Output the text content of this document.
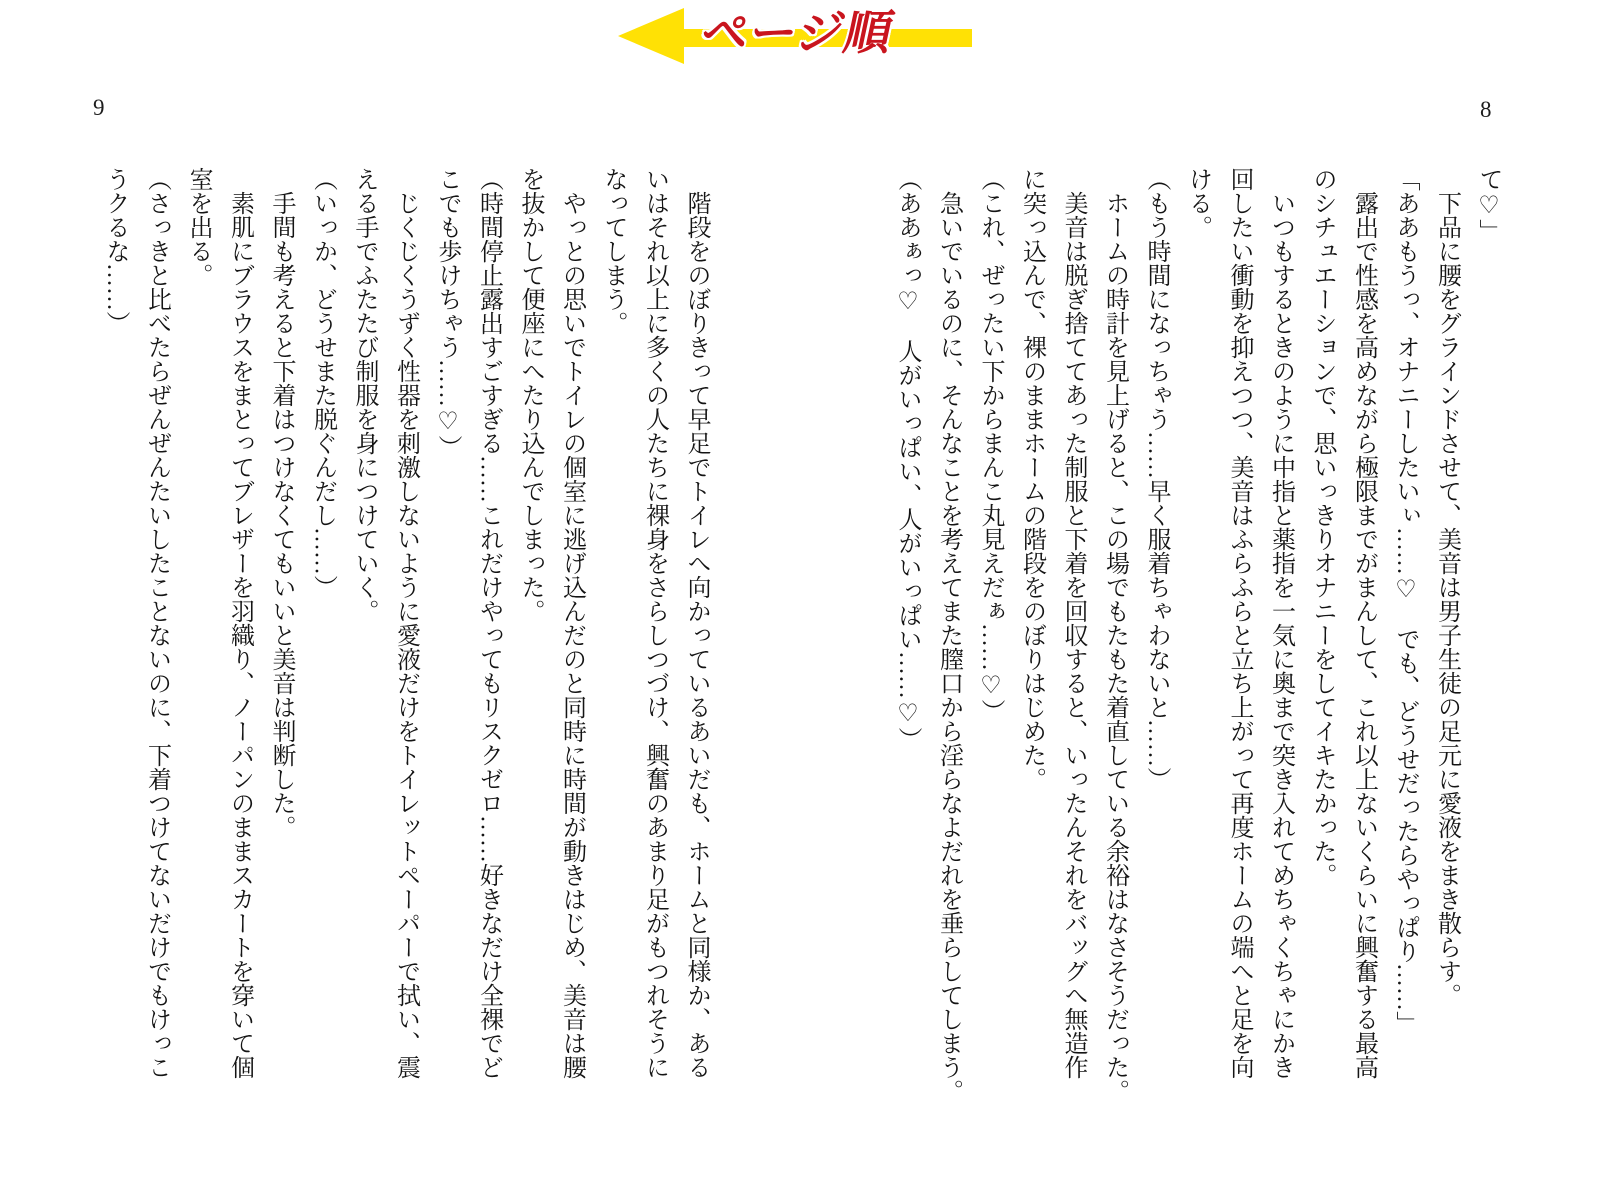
ページ順
9	8

て♡」

　下品に腰をグラインドさせて、美音は男子生徒の足元に愛液をまき散らす。

「ああもうっ、オナニーしたいぃ……♡　でも、どうせだったらやっぱり……」

　露出で性感を高めながら極限までがまんして、これ以上ないくらいに興奮する最高

のシチュエーションで、思いっきりオナニーをしてイキたかった。

　いつもするときのように中指と薬指を一気に奥まで突き入れてめちゃくちゃにかき

回したい衝動を抑えつつ、美音はふらふらと立ち上がって再度ホームの端へと足を向

ける。

（もう時間になっちゃう……早く服着ちゃわないと……）

　ホームの時計を見上げると、この場でもたもた着直している余裕はなさそうだった。

　美音は脱ぎ捨ててあった制服と下着を回収すると、いったんそれをバッグへ無造作

に突っ込んで、裸のままホームの階段をのぼりはじめた。

（これ、ぜったい下からまんこ丸見えだぁ……♡）

　急いでいるのに、そんなことを考えてまた膣口から淫らなよだれを垂らしてしまう。

（ああぁっ♡　人がいっぱい、人がいっぱい……♡）

　階段をのぼりきって早足でトイレへ向かっているあいだも、ホームと同様か、ある

いはそれ以上に多くの人たちに裸身をさらしつづけ、興奮のあまり足がもつれそうに

なってしまう。

　やっとの思いでトイレの個室に逃げ込んだのと同時に時間が動きはじめ、美音は腰

を抜かして便座にへたり込んでしまった。

（時間停止露出すごすぎる……これだけやってもリスクゼロ……好きなだけ全裸でど

こでも歩けちゃう……♡）

　じくじくうずく性器を刺激しないように愛液だけをトイレットペーパーで拭い、震

える手でふたたび制服を身につけていく。

（いっか、どうせまた脱ぐんだし……）

　手間も考えると下着はつけなくてもいいと美音は判断した。

　素肌にブラウスをまとってブレザーを羽織り、ノーパンのままスカートを穿いて個

室を出る。

（さっきと比べたらぜんぜんたいしたことないのに、下着つけてないだけでもけっこ

うクるな……）
